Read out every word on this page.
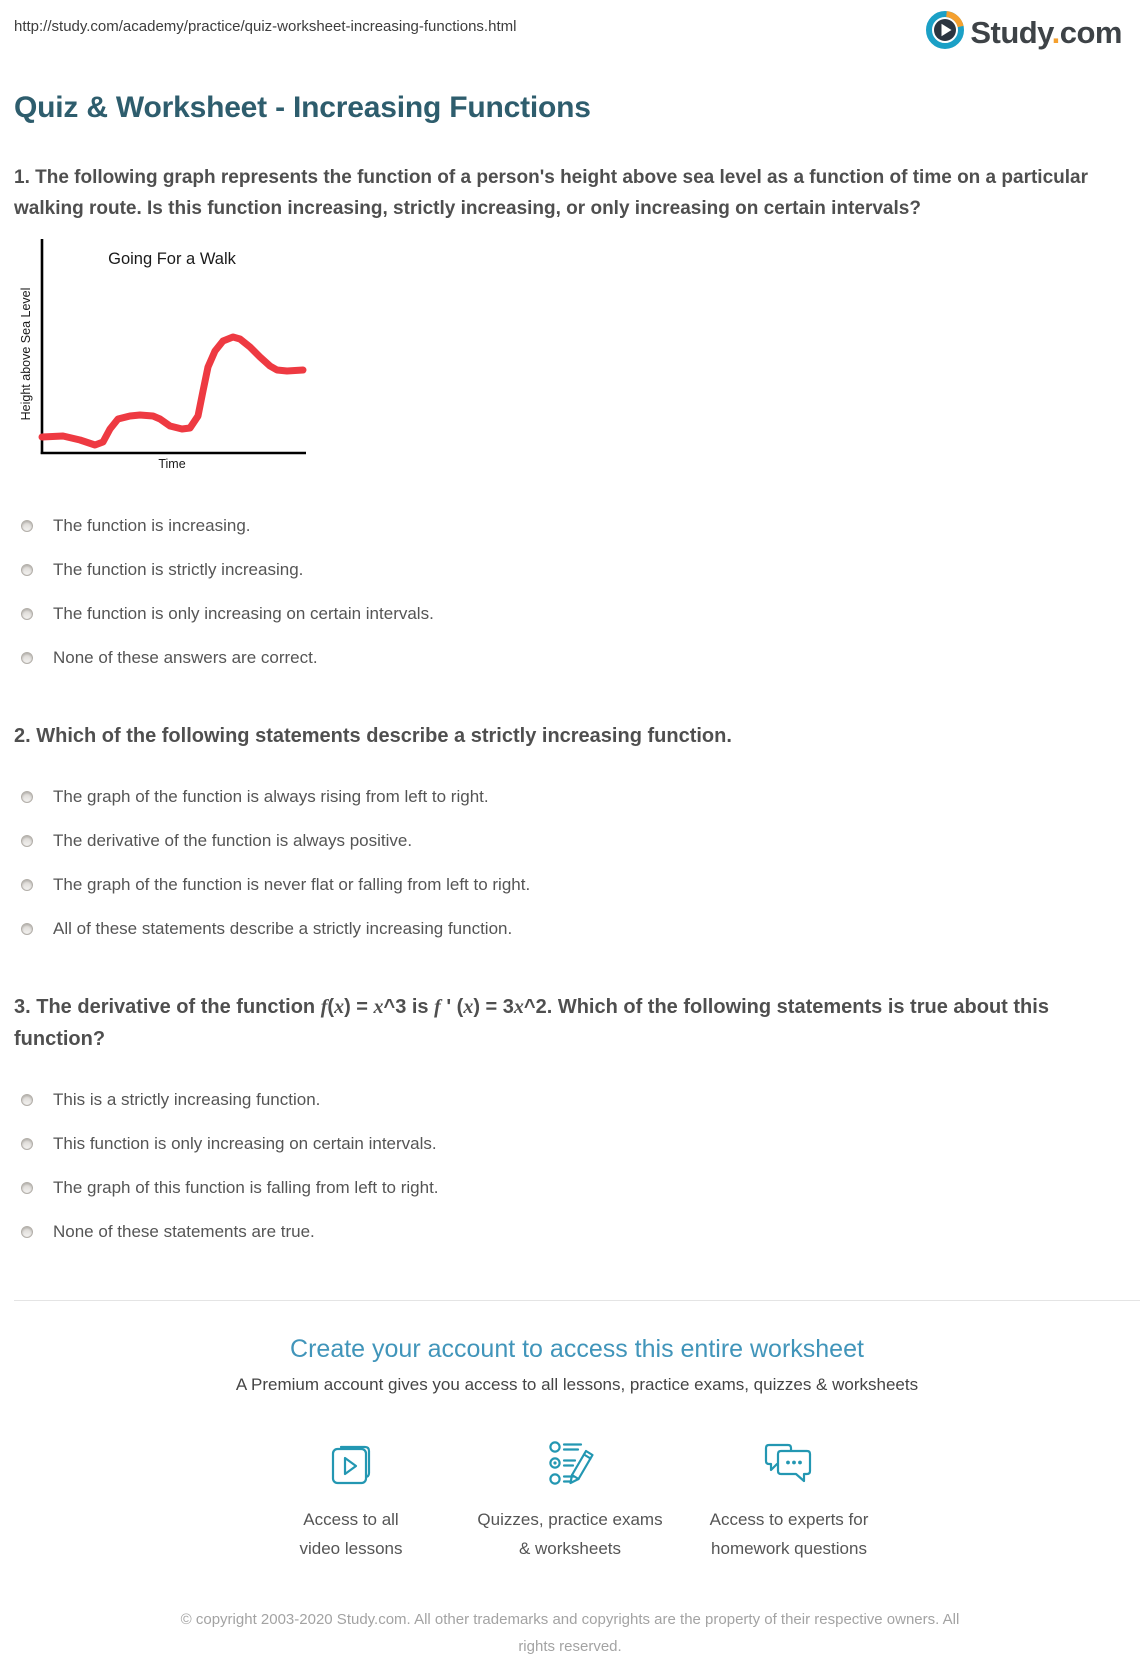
http://study.com/academy/practice/quiz-worksheet-increasing-functions.html	Study.com
Quiz & Worksheet - Increasing Functions
1. The following graph represents the function of a person's height above sea level as a function of time on a particular walking route. Is this function increasing, strictly increasing, or only increasing on certain intervals?
Going For a Walk
Height above Sea Level
Time
The function is increasing.
The function is strictly increasing.
The function is only increasing on certain intervals.
None of these answers are correct.
2. Which of the following statements describe a strictly increasing function.
The graph of the function is always rising from left to right.
The derivative of the function is always positive.
The graph of the function is never flat or falling from left to right.
All of these statements describe a strictly increasing function.
3. The derivative of the function f(x) = x^3 is f ' (x) = 3x^2. Which of the following statements is true about this function?
This is a strictly increasing function.
This function is only increasing on certain intervals.
The graph of this function is falling from left to right.
None of these statements are true.
Create your account to access this entire worksheet
A Premium account gives you access to all lessons, practice exams, quizzes & worksheets
Access to all
video lessons
Quizzes, practice exams
& worksheets
Access to experts for
homework questions
© copyright 2003-2020 Study.com. All other trademarks and copyrights are the property of their respective owners. All rights reserved.
